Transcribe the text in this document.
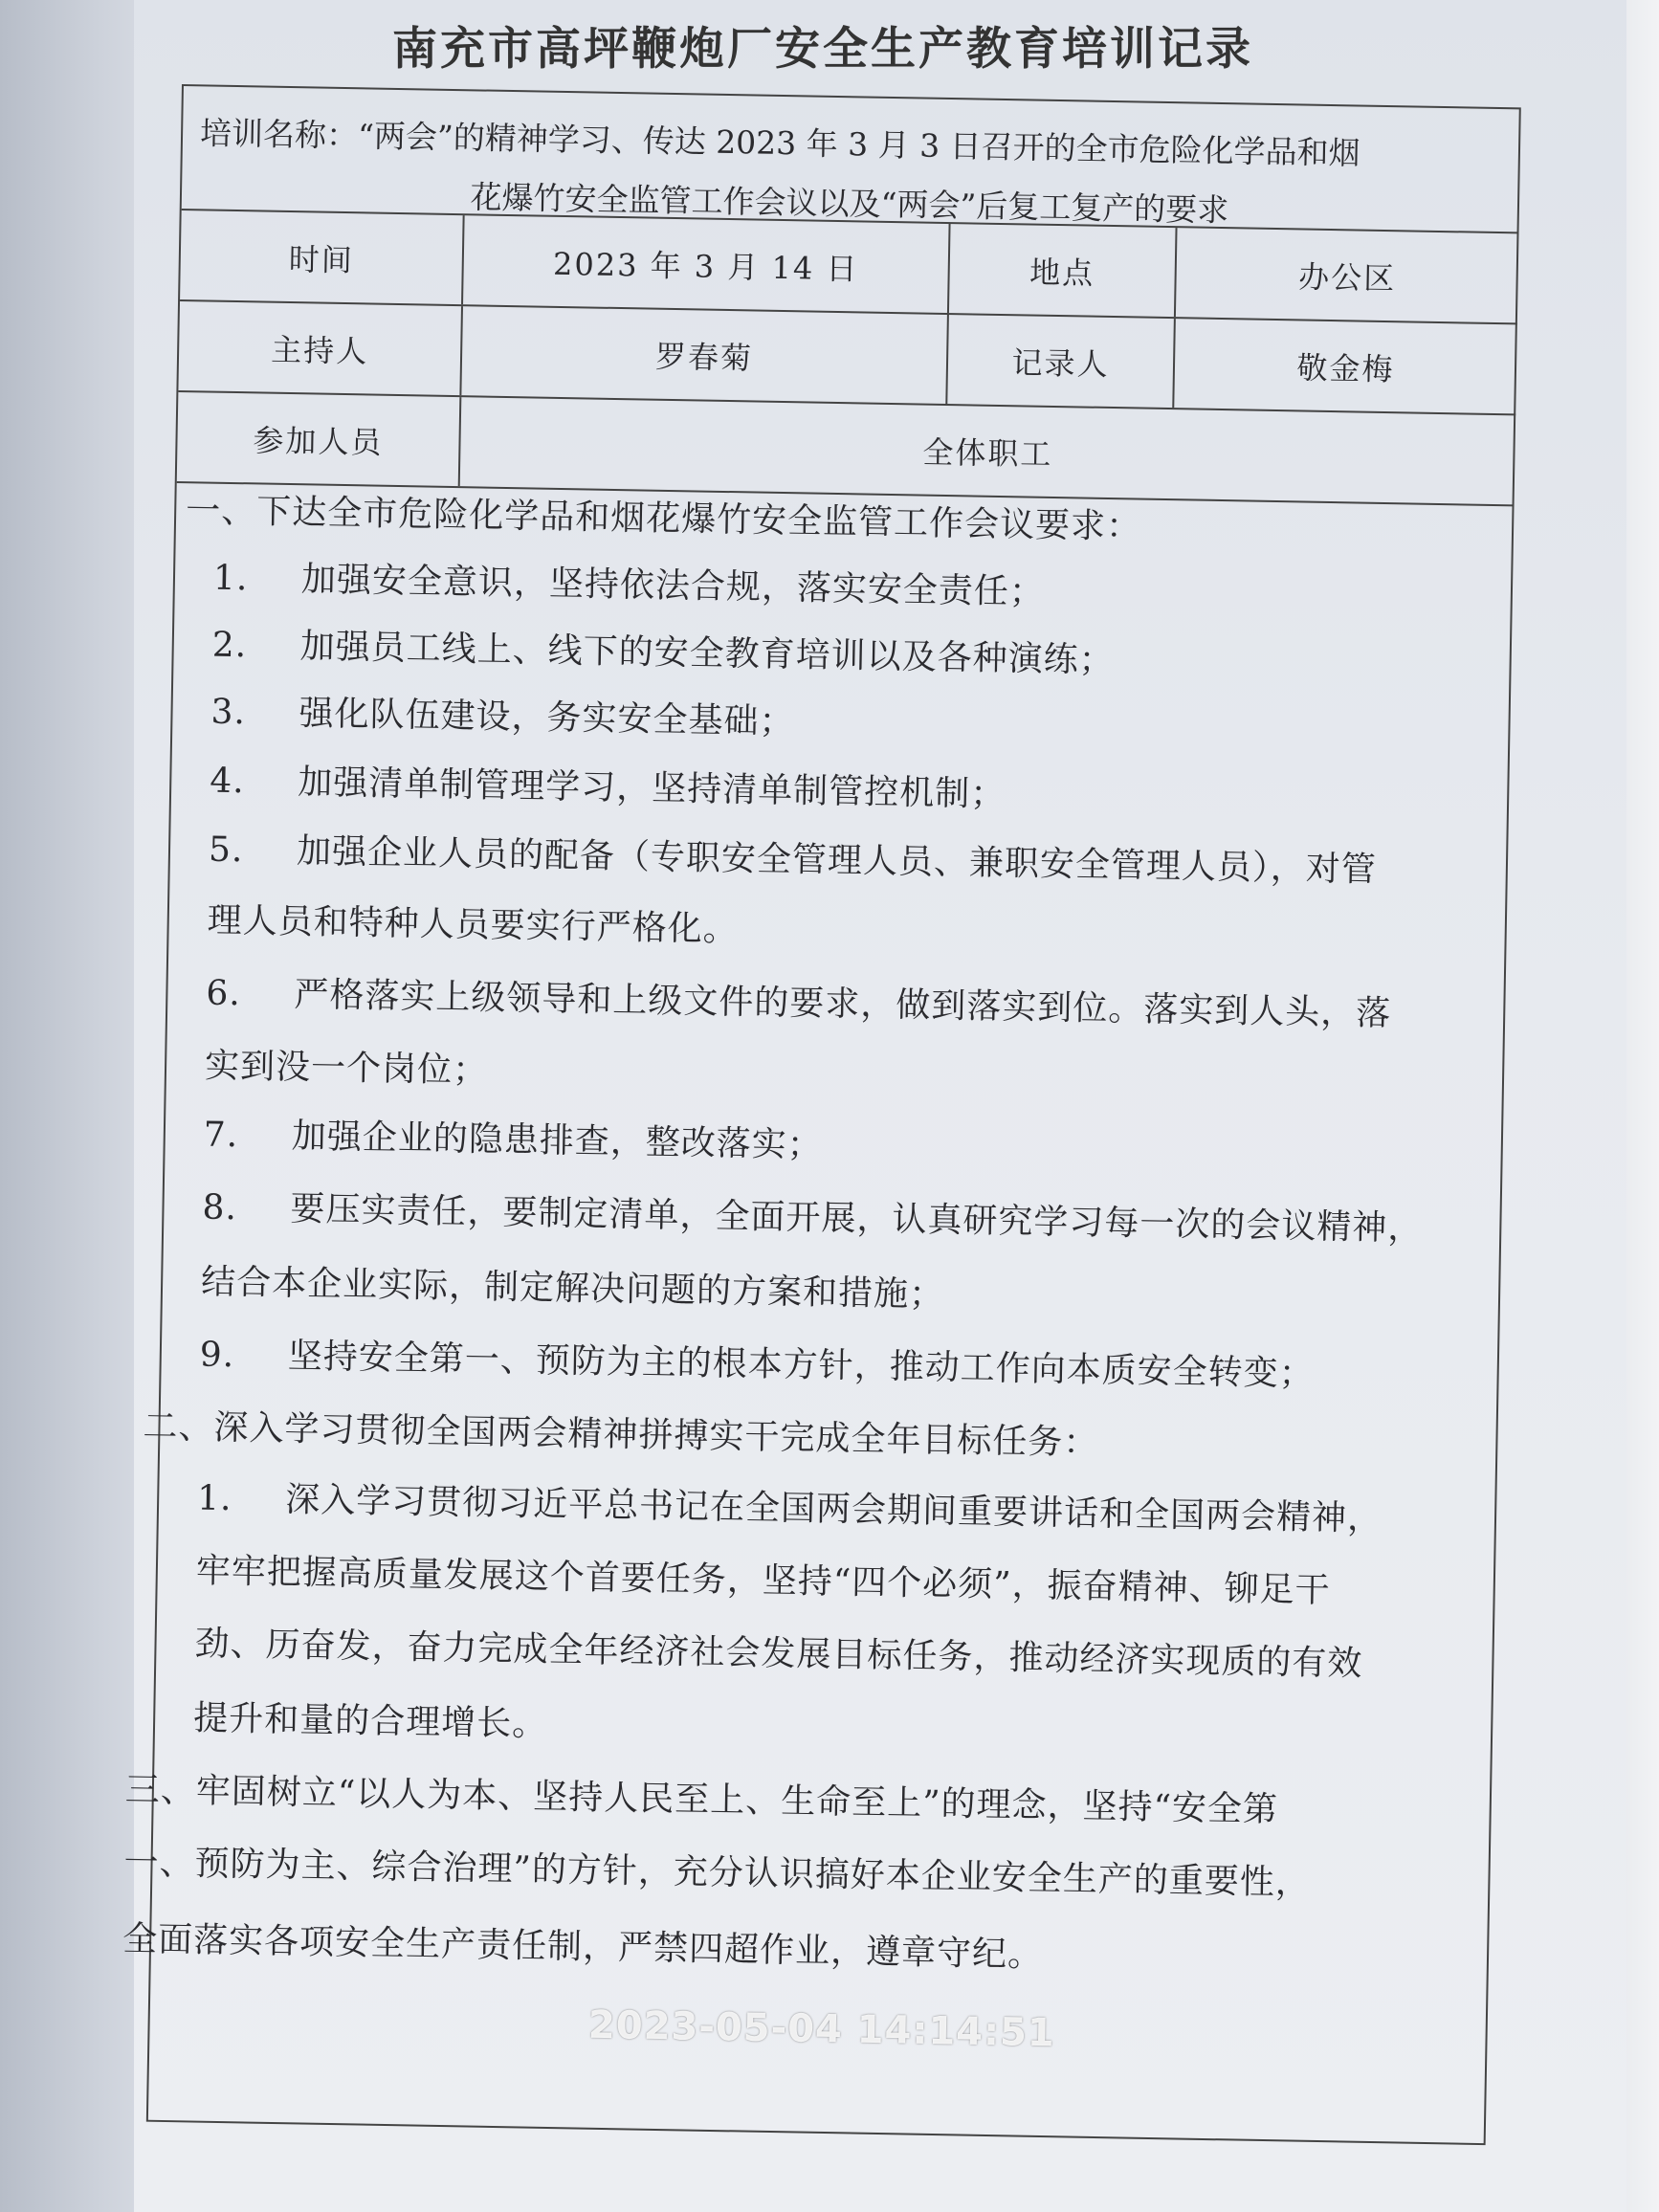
南充市高坪鞭炮厂安全生产教育培训记录

培训名称：“两会”的精神学习、传达 2023 年 3 月 3 日召开的全市危险化学品和烟

花爆竹安全监管工作会议以及“两会”后复工复产的要求

时间	2023 年 3 月 14 日	地点	办公区
主持人	罗春菊	记录人	敬金梅
参加人员	全体职工
一、下达全市危险化学品和烟花爆竹安全监管工作会议要求：
1. 加强安全意识，坚持依法合规，落实安全责任；
2. 加强员工线上、线下的安全教育培训以及各种演练；
3. 强化队伍建设，务实安全基础；
4. 加强清单制管理学习，坚持清单制管控机制；
5. 加强企业人员的配备（专职安全管理人员、兼职安全管理人员），对管
理人员和特种人员要实行严格化。
6. 严格落实上级领导和上级文件的要求，做到落实到位。落实到人头，落
实到没一个岗位；
7. 加强企业的隐患排查，整改落实；
8. 要压实责任，要制定清单，全面开展，认真研究学习每一次的会议精神，
结合本企业实际，制定解决问题的方案和措施；
9. 坚持安全第一、预防为主的根本方针，推动工作向本质安全转变；
二、深入学习贯彻全国两会精神拼搏实干完成全年目标任务：
1. 深入学习贯彻习近平总书记在全国两会期间重要讲话和全国两会精神，
牢牢把握高质量发展这个首要任务，坚持“四个必须”，振奋精神、铆足干
劲、历奋发，奋力完成全年经济社会发展目标任务，推动经济实现质的有效
提升和量的合理增长。
三、牢固树立“以人为本、坚持人民至上、生命至上”的理念，坚持“安全第
一、预防为主、综合治理”的方针，充分认识搞好本企业安全生产的重要性，
全面落实各项安全生产责任制，严禁四超作业，遵章守纪。
2023-05-04 14:14:51
